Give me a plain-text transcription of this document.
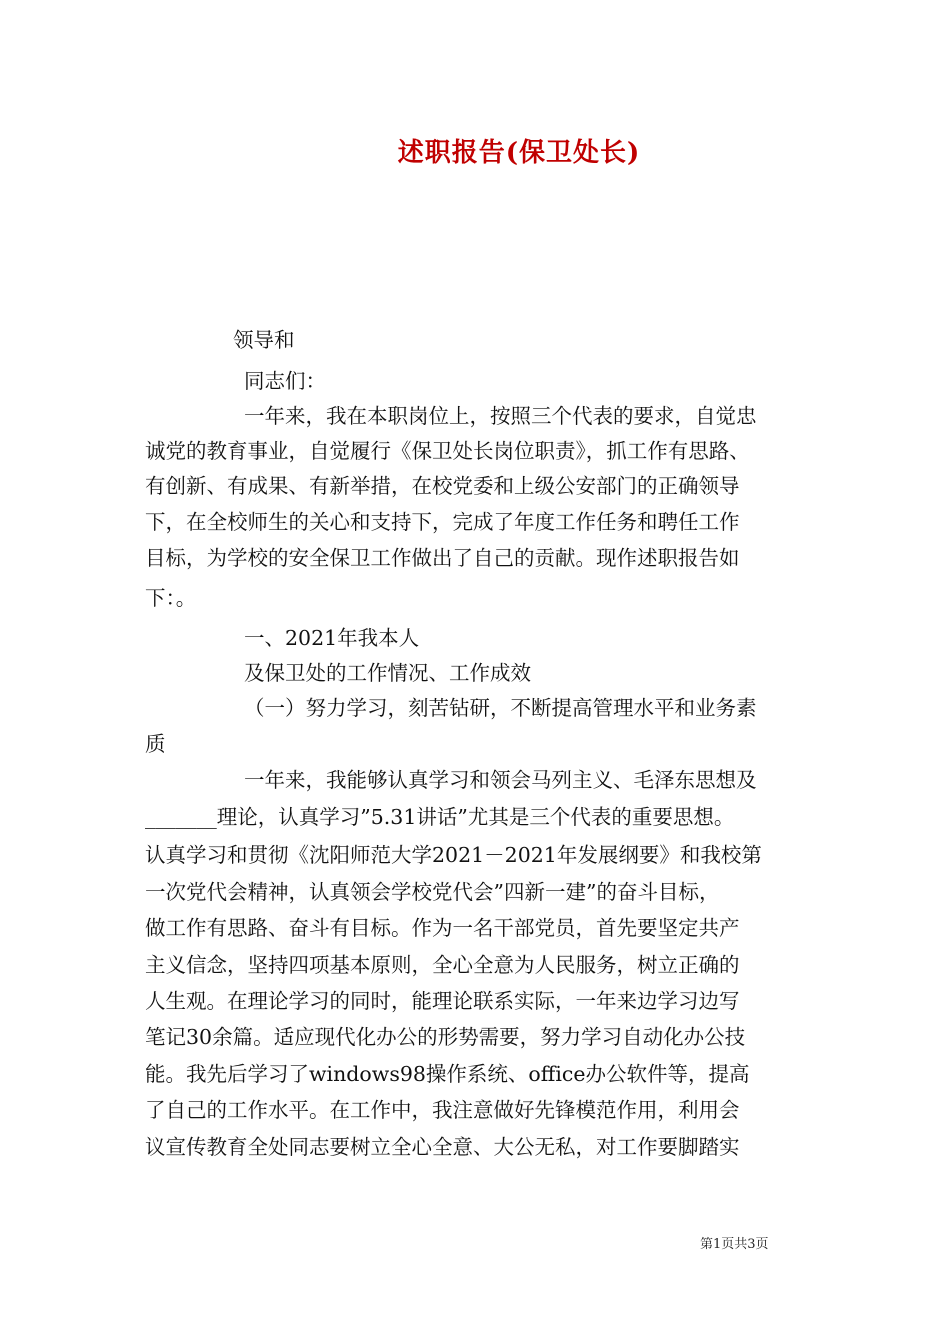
述职报告(保卫处长)
领导和
同志们：
一年来，我在本职岗位上，按照三个代表的要求，自觉忠
诚党的教育事业，自觉履行《保卫处长岗位职责》，抓工作有思路、
有创新、有成果、有新举措，在校党委和上级公安部门的正确领导
下，在全校师生的关心和支持下，完成了年度工作任务和聘任工作
目标，为学校的安全保卫工作做出了自己的贡献。现作述职报告如
下：。
一、2021年我本人
及保卫处的工作情况、工作成效
（一）努力学习，刻苦钻研，不断提高管理水平和业务素
质
一年来，我能够认真学习和领会马列主义、毛泽东思想及
_______理论，认真学习”5.31讲话”尤其是三个代表的重要思想。
认真学习和贯彻《沈阳师范大学2021－2021年发展纲要》和我校第
一次党代会精神，认真领会学校党代会”四新一建”的奋斗目标，
做工作有思路、奋斗有目标。作为一名干部党员，首先要坚定共产
主义信念，坚持四项基本原则，全心全意为人民服务，树立正确的
人生观。在理论学习的同时，能理论联系实际，一年来边学习边写
笔记30余篇。适应现代化办公的形势需要，努力学习自动化办公技
能。我先后学习了windows98操作系统、office办公软件等，提高
了自己的工作水平。在工作中，我注意做好先锋模范作用，利用会
议宣传教育全处同志要树立全心全意、大公无私，对工作要脚踏实
第1页共3页
